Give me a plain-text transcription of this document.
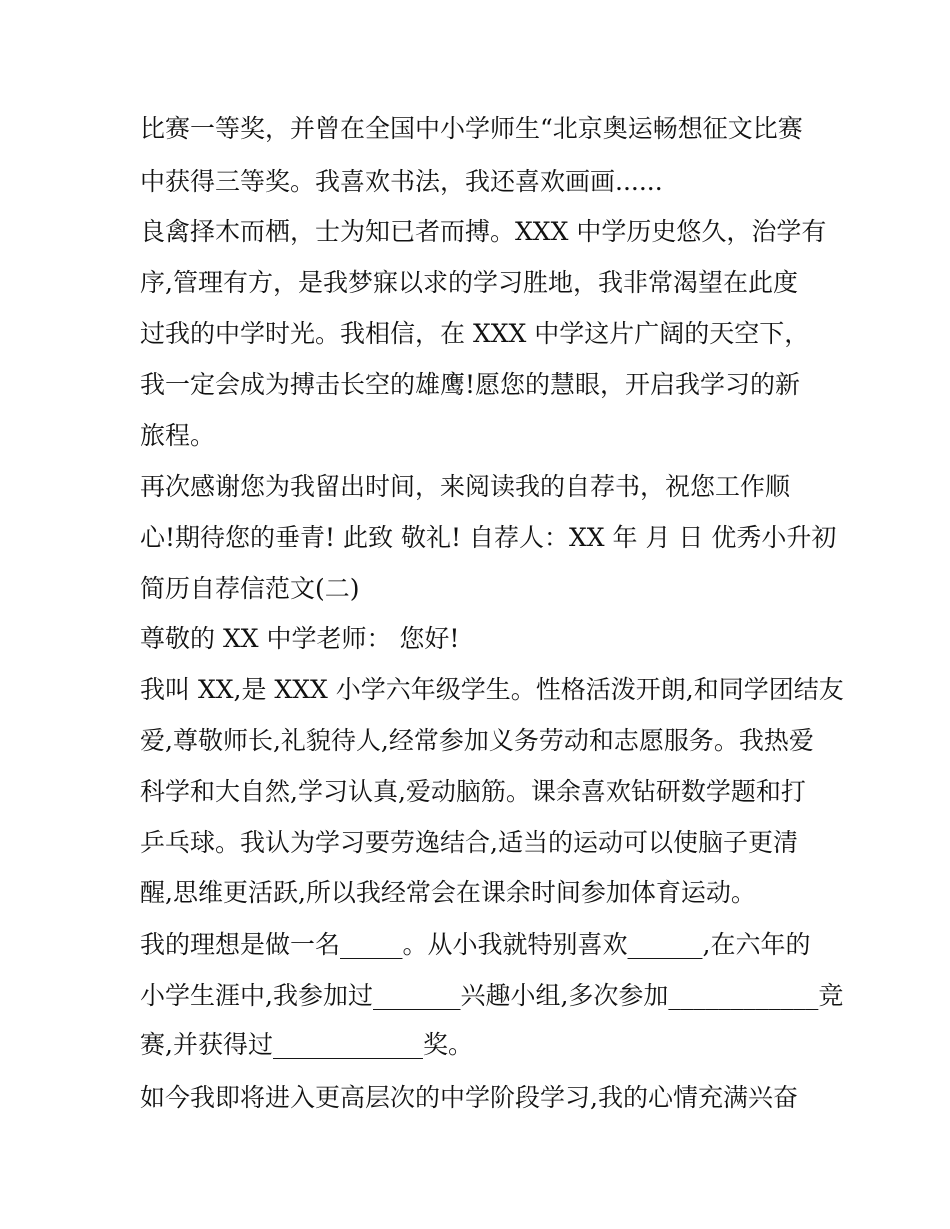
比赛一等奖，并曾在全国中小学师生“北京奥运畅想征文比赛

中获得三等奖。我喜欢书法，我还喜欢画画......

良禽择木而栖，士为知已者而搏。XXX 中学历史悠久，治学有

序,管理有方，是我梦寐以求的学习胜地，我非常渴望在此度

过我的中学时光。我相信，在 XXX 中学这片广阔的天空下，

我一定会成为搏击长空的雄鹰!愿您的慧眼，开启我学习的新

旅程。

再次感谢您为我留出时间，来阅读我的自荐书，祝您工作顺

心!期待您的垂青! 此致 敬礼! 自荐人：XX 年 月 日 优秀小升初

简历自荐信范文(二)

尊敬的 XX 中学老师： 您好!

我叫 XX,是 XXX 小学六年级学生。性格活泼开朗,和同学团结友

爱,尊敬师长,礼貌待人,经常参加义务劳动和志愿服务。我热爱

科学和大自然,学习认真,爱动脑筋。课余喜欢钻研数学题和打

乒乓球。我认为学习要劳逸结合,适当的运动可以使脑子更清

醒,思维更活跃,所以我经常会在课余时间参加体育运动。

我的理想是做一名_____。从小我就特别喜欢______,在六年的

小学生涯中,我参加过_______兴趣小组,多次参加____________竞

赛,并获得过____________奖。

如今我即将进入更高层次的中学阶段学习,我的心情充满兴奋
